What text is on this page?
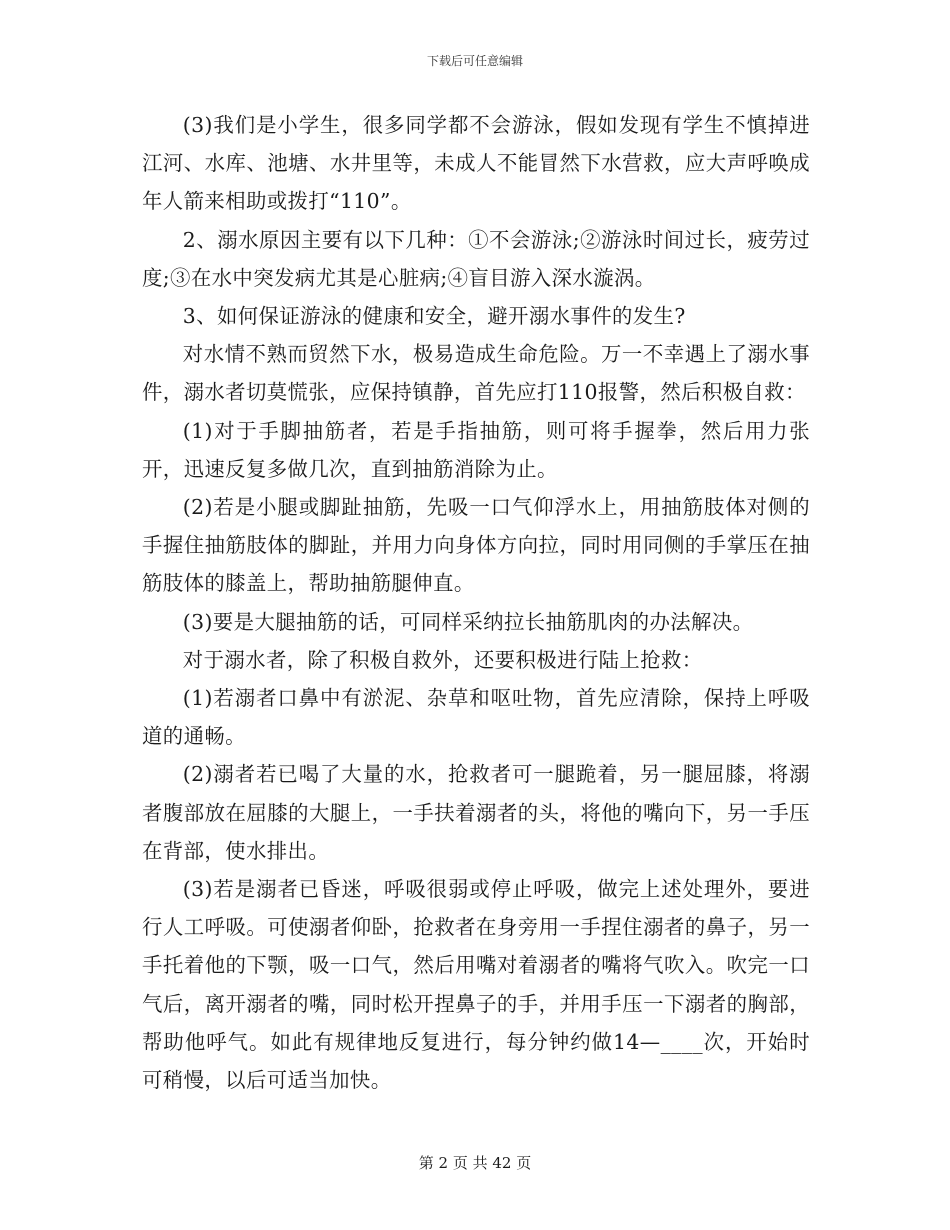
下载后可任意编辑

(3)我们是小学生，很多同学都不会游泳，假如发现有学生不慎掉进江河、水库、池塘、水井里等，未成人不能冒然下水营救，应大声呼唤成年人箭来相助或拨打“110”。

2、溺水原因主要有以下几种：①不会游泳;②游泳时间过长，疲劳过度;③在水中突发病尤其是心脏病;④盲目游入深水漩涡。

3、如何保证游泳的健康和安全，避开溺水事件的发生?

对水情不熟而贸然下水，极易造成生命危险。万一不幸遇上了溺水事件，溺水者切莫慌张，应保持镇静，首先应打110报警，然后积极自救：

(1)对于手脚抽筋者，若是手指抽筋，则可将手握拳，然后用力张开，迅速反复多做几次，直到抽筋消除为止。

(2)若是小腿或脚趾抽筋，先吸一口气仰浮水上，用抽筋肢体对侧的手握住抽筋肢体的脚趾，并用力向身体方向拉，同时用同侧的手掌压在抽筋肢体的膝盖上，帮助抽筋腿伸直。

(3)要是大腿抽筋的话，可同样采纳拉长抽筋肌肉的办法解决。

对于溺水者，除了积极自救外，还要积极进行陆上抢救：

(1)若溺者口鼻中有淤泥、杂草和呕吐物，首先应清除，保持上呼吸道的通畅。

(2)溺者若已喝了大量的水，抢救者可一腿跪着，另一腿屈膝，将溺者腹部放在屈膝的大腿上，一手扶着溺者的头，将他的嘴向下，另一手压在背部，使水排出。

(3)若是溺者已昏迷，呼吸很弱或停止呼吸，做完上述处理外，要进行人工呼吸。可使溺者仰卧，抢救者在身旁用一手捏住溺者的鼻子，另一手托着他的下颚，吸一口气，然后用嘴对着溺者的嘴将气吹入。吹完一口气后，离开溺者的嘴，同时松开捏鼻子的手，并用手压一下溺者的胸部，帮助他呼气。如此有规律地反复进行，每分钟约做14—____次，开始时可稍慢，以后可适当加快。

第 2 页 共 42 页
